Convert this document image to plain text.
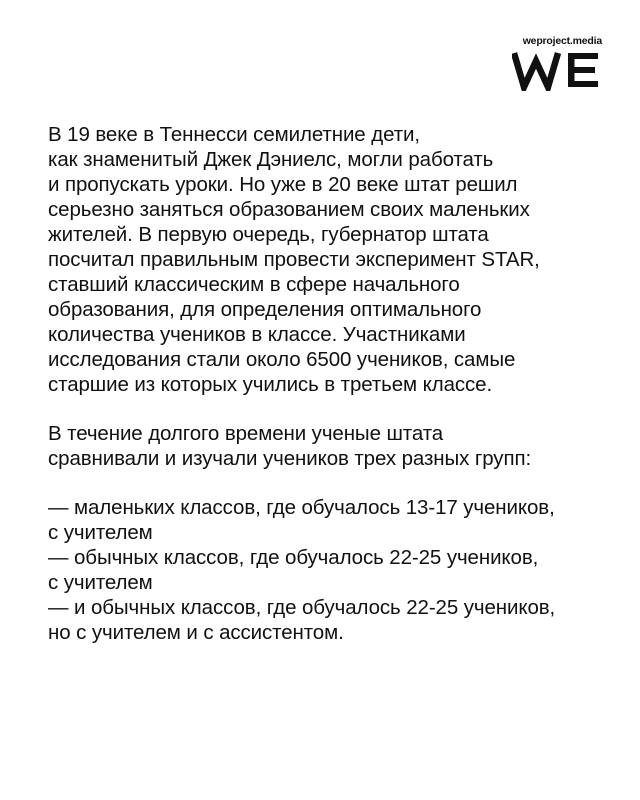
weproject.media

В 19 веке в Теннесси семилетние дети,
как знаменитый Джек Дэниелс, могли работать
и пропускать уроки. Но уже в 20 веке штат решил
серьезно заняться образованием своих маленьких
жителей. В первую очередь, губернатор штата
посчитал правильным провести эксперимент STAR,
ставший классическим в сфере начального
образования, для определения оптимального
количества учеников в классе. Участниками
исследования стали около 6500 учеников, самые
старшие из которых учились в третьем классе.

В течение долгого времени ученые штата
сравнивали и изучали учеников трех разных групп:

— маленьких классов, где обучалось 13-17 учеников,
с учителем
— обычных классов, где обучалось 22-25 учеников,
с учителем
— и обычных классов, где обучалось 22-25 учеников,
но с учителем и с ассистентом.
